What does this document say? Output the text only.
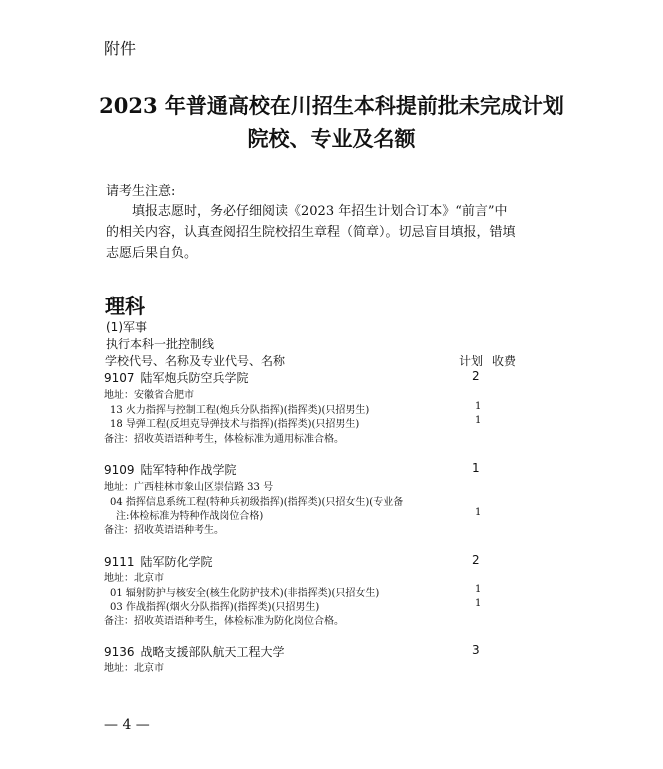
附件
2023 年普通高校在川招生本科提前批未完成计划
院校、专业及名额
请考生注意:
　　填报志愿时，务必仔细阅读《2023 年招生计划合订本》“前言”中
的相关内容，认真查阅招生院校招生章程（简章）。切忌盲目填报，错填
志愿后果自负。
理科
(1)军事
执行本科一批控制线
学校代号、名称及专业代号、名称	计划 收费
9107 陆军炮兵防空兵学院	2
地址：安徽省合肥市
13 火力指挥与控制工程(炮兵分队指挥)(指挥类)(只招男生)	1
18 导弹工程(反坦克导弹技术与指挥)(指挥类)(只招男生)	1
备注：招收英语语种考生，体检标准为通用标准合格。
9109 陆军特种作战学院	1
地址：广西桂林市象山区崇信路 33 号
04 指挥信息系统工程(特种兵初级指挥)(指挥类)(只招女生)(专业备
注:体检标准为特种作战岗位合格)	1
备注：招收英语语种考生。
9111 陆军防化学院	2
地址：北京市
01 辐射防护与核安全(核生化防护技术)(非指挥类)(只招女生)	1
03 作战指挥(烟火分队指挥)(指挥类)(只招男生)	1
备注：招收英语语种考生，体检标准为防化岗位合格。
9136 战略支援部队航天工程大学	3
地址：北京市
— 4 —
